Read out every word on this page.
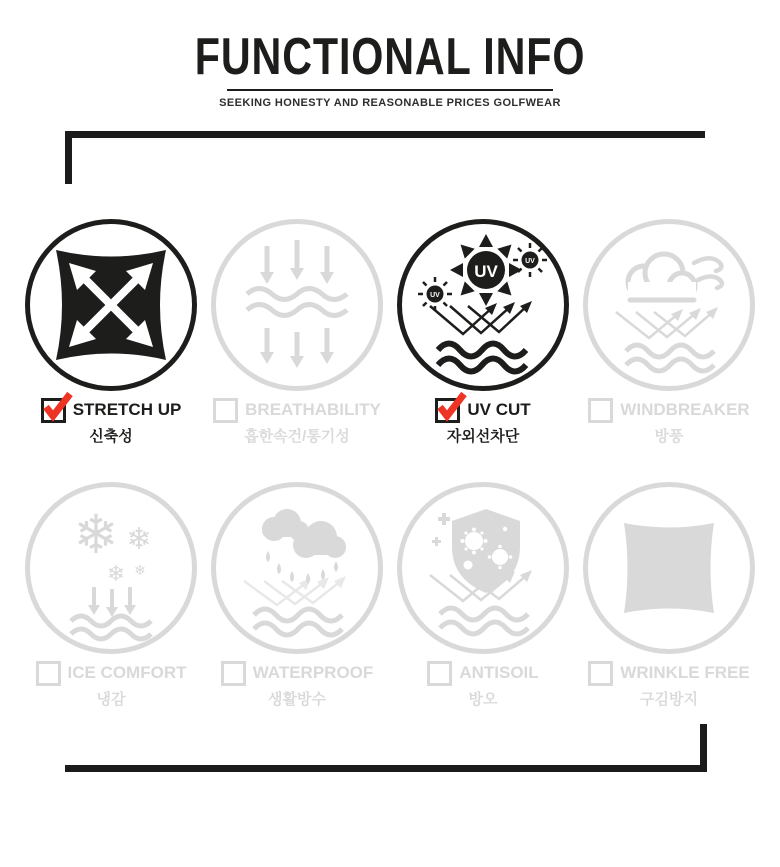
FUNCTIONAL INFO
SEEKING HONESTY AND REASONABLE PRICES GOLFWEAR
STRETCH UP
신축성
BREATHABILITY
흡한속건/통기성
UV
UV
UV
UV CUT
자외선차단
WINDBREAKER
방풍
❄ ❄
❄ ❄
ICE COMFORT
냉감
WATERPROOF
생활방수
ANTISOIL
방오
WRINKLE FREE
구김방지
